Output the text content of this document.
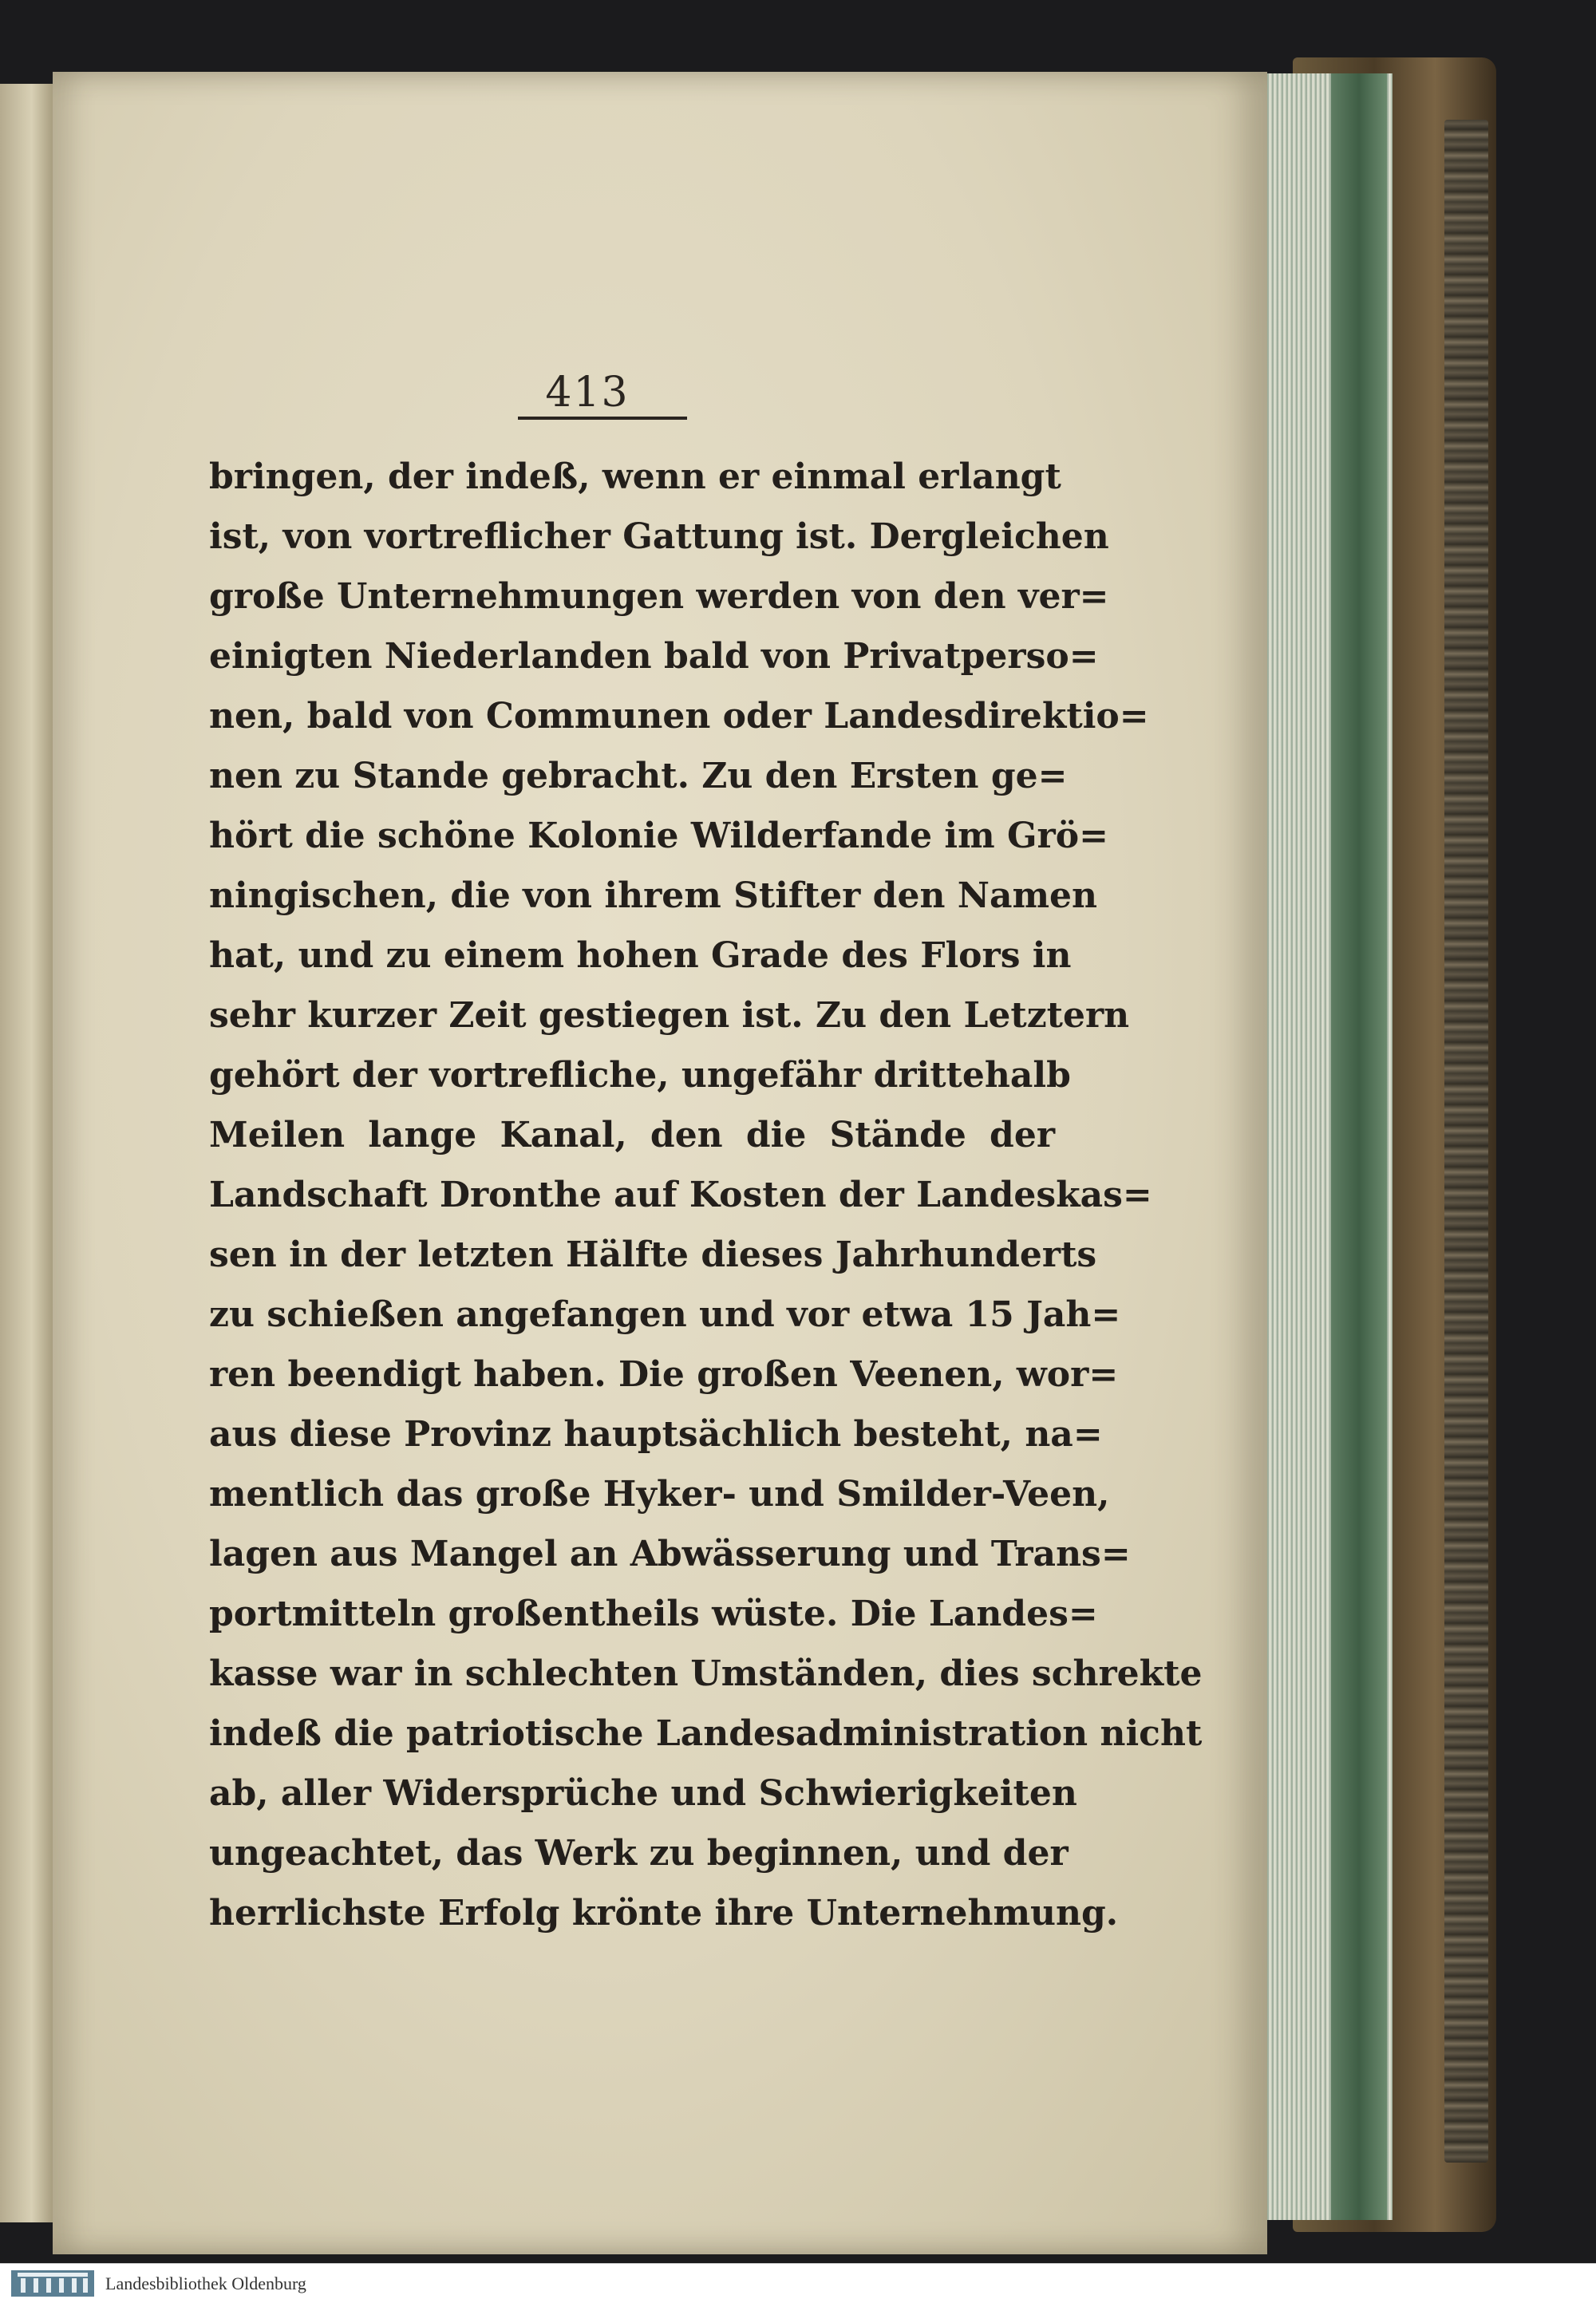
413
bringen, der indeß, wenn er einmal erlangt
ist, von vortreflicher Gattung ist. Dergleichen
große Unternehmungen werden von den ver=
einigten Niederlanden bald von Privatperso=
nen, bald von Communen oder Landesdirektio=
nen zu Stande gebracht. Zu den Ersten ge=
hört die schöne Kolonie Wilderfande im Grö=
ningischen, die von ihrem Stifter den Namen
hat, und zu einem hohen Grade des Flors in
sehr kurzer Zeit gestiegen ist. Zu den Letztern
gehört der vortrefliche, ungefähr drittehalb
Meilen lange Kanal, den die Stände der
Landschaft Dronthe auf Kosten der Landeskas=
sen in der letzten Hälfte dieses Jahrhunderts
zu schießen angefangen und vor etwa 15 Jah=
ren beendigt haben. Die großen Veenen, wor=
aus diese Provinz hauptsächlich besteht, na=
mentlich das große Hyker- und Smilder-Veen,
lagen aus Mangel an Abwässerung und Trans=
portmitteln großentheils wüste. Die Landes=
kasse war in schlechten Umständen, dies schrekte
indeß die patriotische Landesadministration nicht
ab, aller Widersprüche und Schwierigkeiten
ungeachtet, das Werk zu beginnen, und der
herrlichste Erfolg krönte ihre Unternehmung.
Landesbibliothek Oldenburg
